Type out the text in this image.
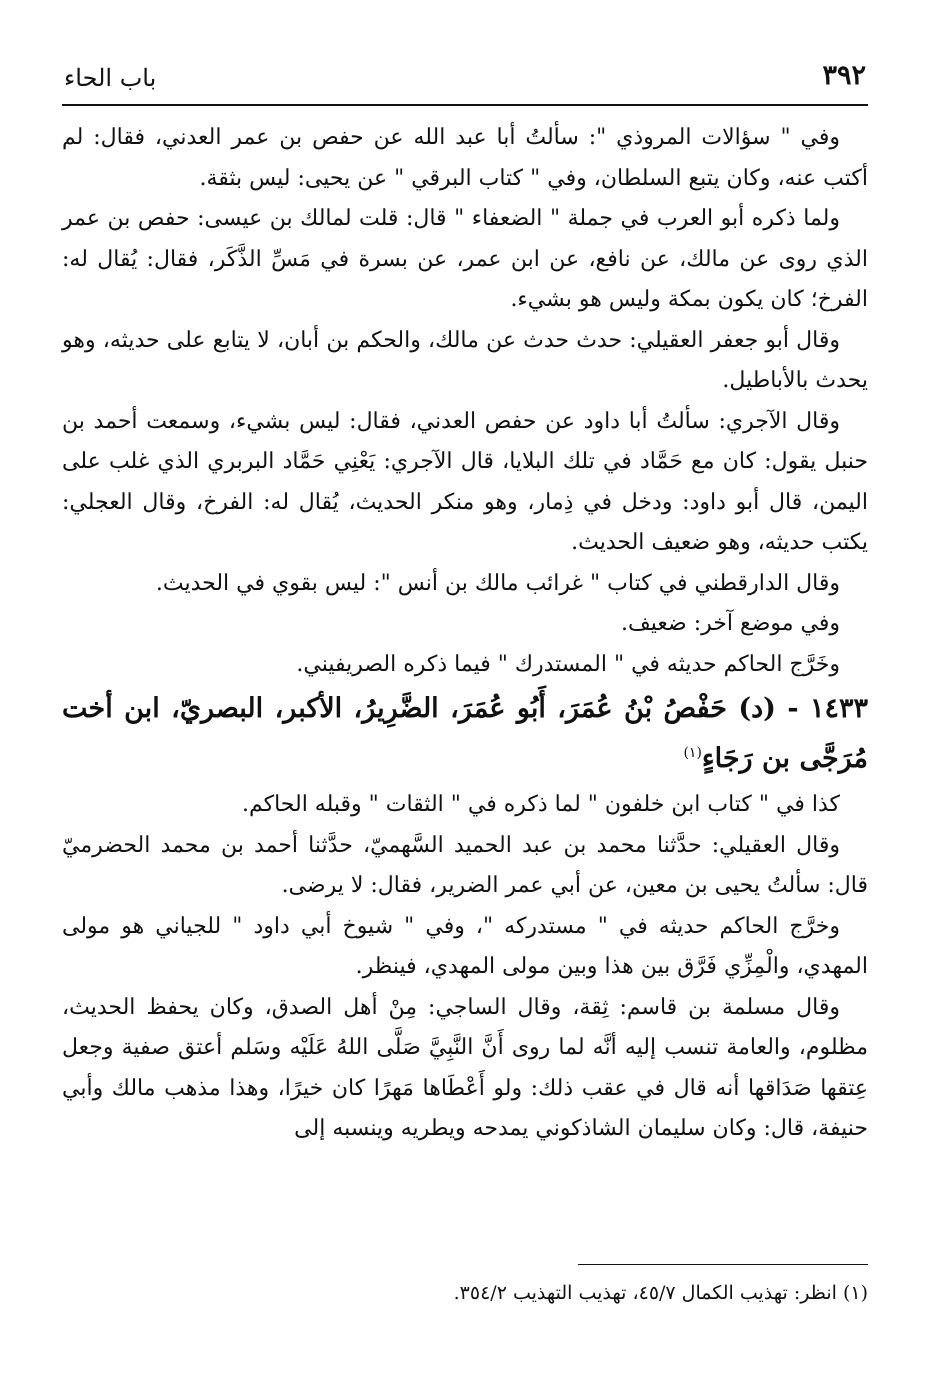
٣٩٢
باب الحاء

وفي " سؤالات المروذي ": سألتُ أبا عبد الله عن حفص بن عمر العدني، فقال: لم أكتب عنه، وكان يتبع السلطان، وفي " كتاب البرقي " عن يحيى: ليس بثقة.

ولما ذكره أبو العرب في جملة " الضعفاء " قال: قلت لمالك بن عيسى: حفص بن عمر الذي روى عن مالك، عن نافع، عن ابن عمر، عن بسرة في مَسِّ الذَّكَر، فقال: يُقال له: الفرخ؛ كان يكون بمكة وليس هو بشيء.

وقال أبو جعفر العقيلي: حدث حدث عن مالك، والحكم بن أبان، لا يتابع على حديثه، وهو يحدث بالأباطيل.

وقال الآجري: سألتُ أبا داود عن حفص العدني، فقال: ليس بشيء، وسمعت أحمد بن حنبل يقول: كان مع حَمَّاد في تلك البلايا، قال الآجري: يَعْنِي حَمَّاد البربري الذي غلب على اليمن، قال أبو داود: ودخل في ذِمار، وهو منكر الحديث، يُقال له: الفرخ، وقال العجلي: يكتب حديثه، وهو ضعيف الحديث.

وقال الدارقطني في كتاب " غرائب مالك بن أنس ": ليس بقوي في الحديث.

وفي موضع آخر: ضعيف.

وخَرَّج الحاكم حديثه في " المستدرك " فيما ذكره الصريفيني.

١٤٣٣ - (د) حَفْصُ بْنُ عُمَرَ، أَبُو عُمَرَ، الضَّرِيرُ، الأكبر، البصريّ، ابن أخت مُرَجَّى بن رَجَاءٍ$^{(١)}$

كذا في " كتاب ابن خلفون " لما ذكره في " الثقات " وقبله الحاكم.

وقال العقيلي: حدَّثنا محمد بن عبد الحميد السَّهميّ، حدَّثنا أحمد بن محمد الحضرميّ قال: سألتُ يحيى بن معين، عن أبي عمر الضرير، فقال: لا يرضى.

وخرَّج الحاكم حديثه في " مستدركه "، وفي " شيوخ أبي داود " للجياني هو مولى المهدي، والْمِزِّي فَرَّق بين هذا وبين مولى المهدي، فينظر.

وقال مسلمة بن قاسم: ثِقة، وقال الساجي: مِنْ أهل الصدق، وكان يحفظ الحديث، مظلوم، والعامة تنسب إليه أنَّه لما روى أَنَّ النَّبِيَّ صَلَّى اللهُ عَلَيْه وسَلم أعتق صفية وجعل عِتقها صَدَاقها أنه قال في عقب ذلك: ولو أَعْطَاها مَهرًا كان خيرًا، وهذا مذهب مالك وأبي حنيفة، قال: وكان سليمان الشاذكوني يمدحه ويطريه وينسبه إلى

(١) انظر: تهذيب الكمال ٤٥/٧، تهذيب التهذيب ٣٥٤/٢.
